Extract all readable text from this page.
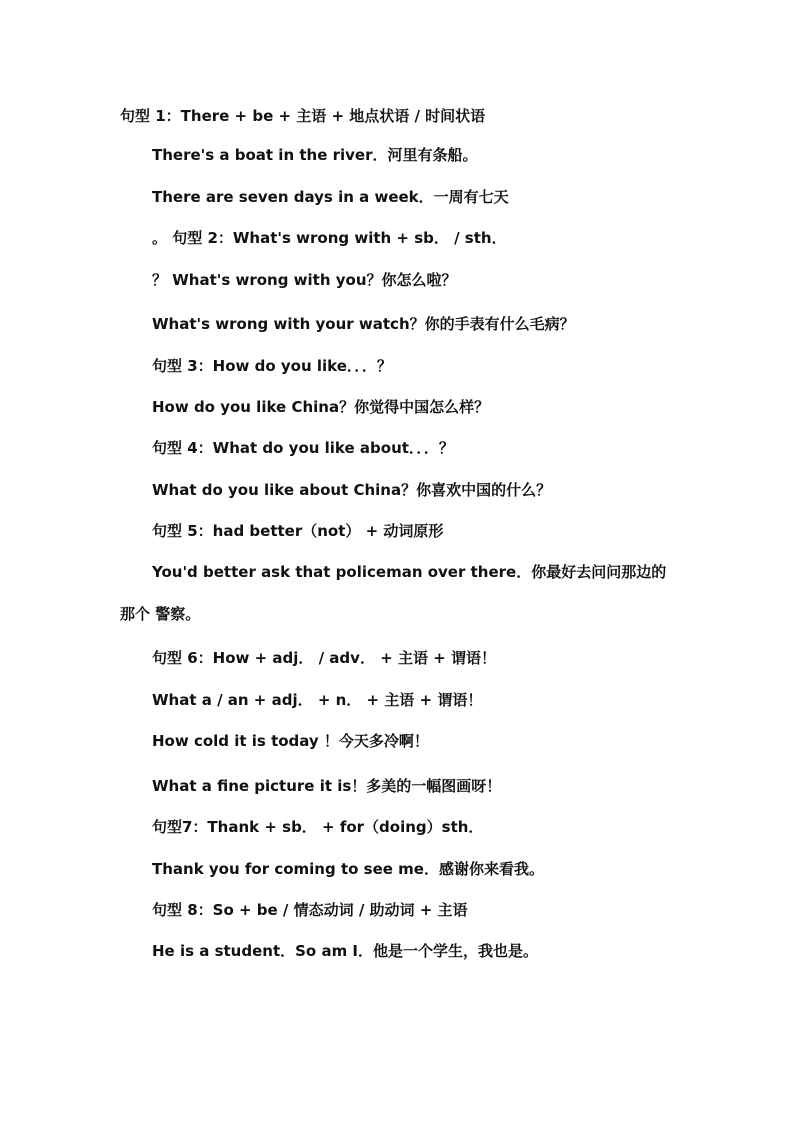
句型 1：There + be + 主语 + 地点状语 / 时间状语
There's a boat in the river．河里有条船。
There are seven days in a week．一周有七天
。 句型 2：What's wrong with + sb． / sth．
？ What's wrong with you？你怎么啦？
What's wrong with your watch？你的手表有什么毛病？
句型 3：How do you like．．．？
How do you like China？你觉得中国怎么样？
句型 4：What do you like about．．．？
What do you like about China？你喜欢中国的什么？
句型 5：had better（not） + 动词原形
You'd better ask that policeman over there．你最好去问问那边的
那个 警察。
句型 6：How + adj． / adv． + 主语 + 谓语！
What a / an + adj． + n． + 主语 + 谓语！
How cold it is today ！今天多冷啊！
What a fine picture it is！多美的一幅图画呀！
句型7：Thank + sb． + for（doing）sth．
Thank you for coming to see me．感谢你来看我。
句型 8：So + be / 情态动词 / 助动词 + 主语
He is a student．So am I．他是一个学生，我也是。
